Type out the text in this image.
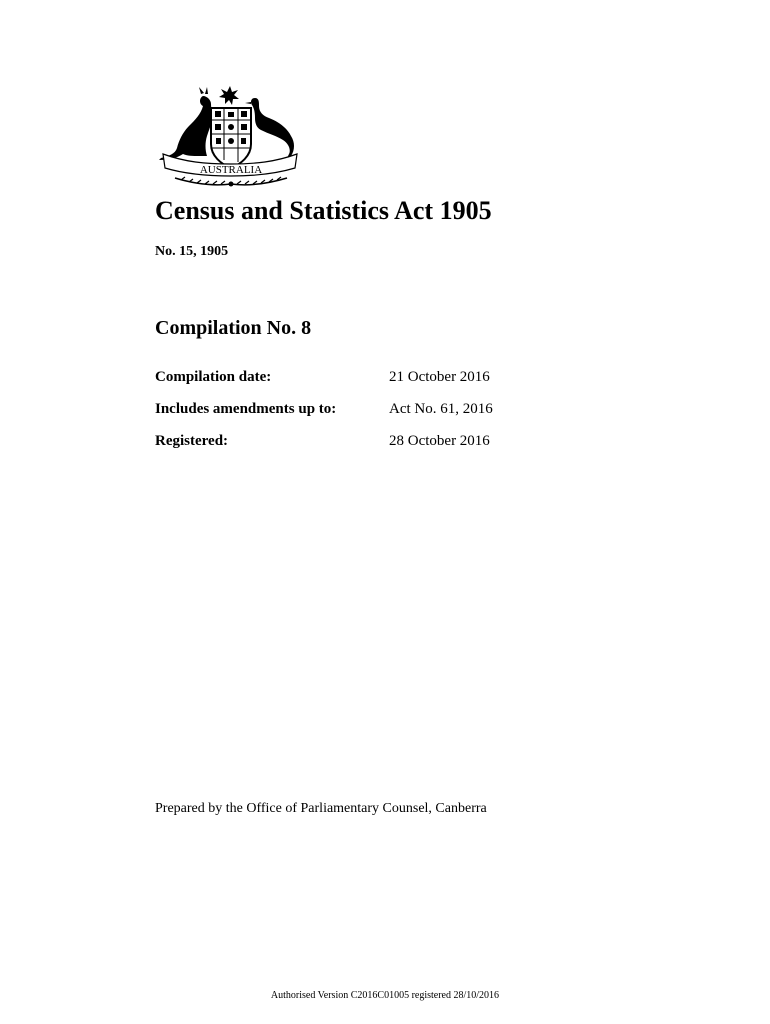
AUSTRALIA
Census and Statistics Act 1905
No. 15, 1905
Compilation No. 8
Compilation date:	21 October 2016
Includes amendments up to:	Act No. 61, 2016
Registered:	28 October 2016
Prepared by the Office of Parliamentary Counsel, Canberra
Authorised Version C2016C01005 registered 28/10/2016
